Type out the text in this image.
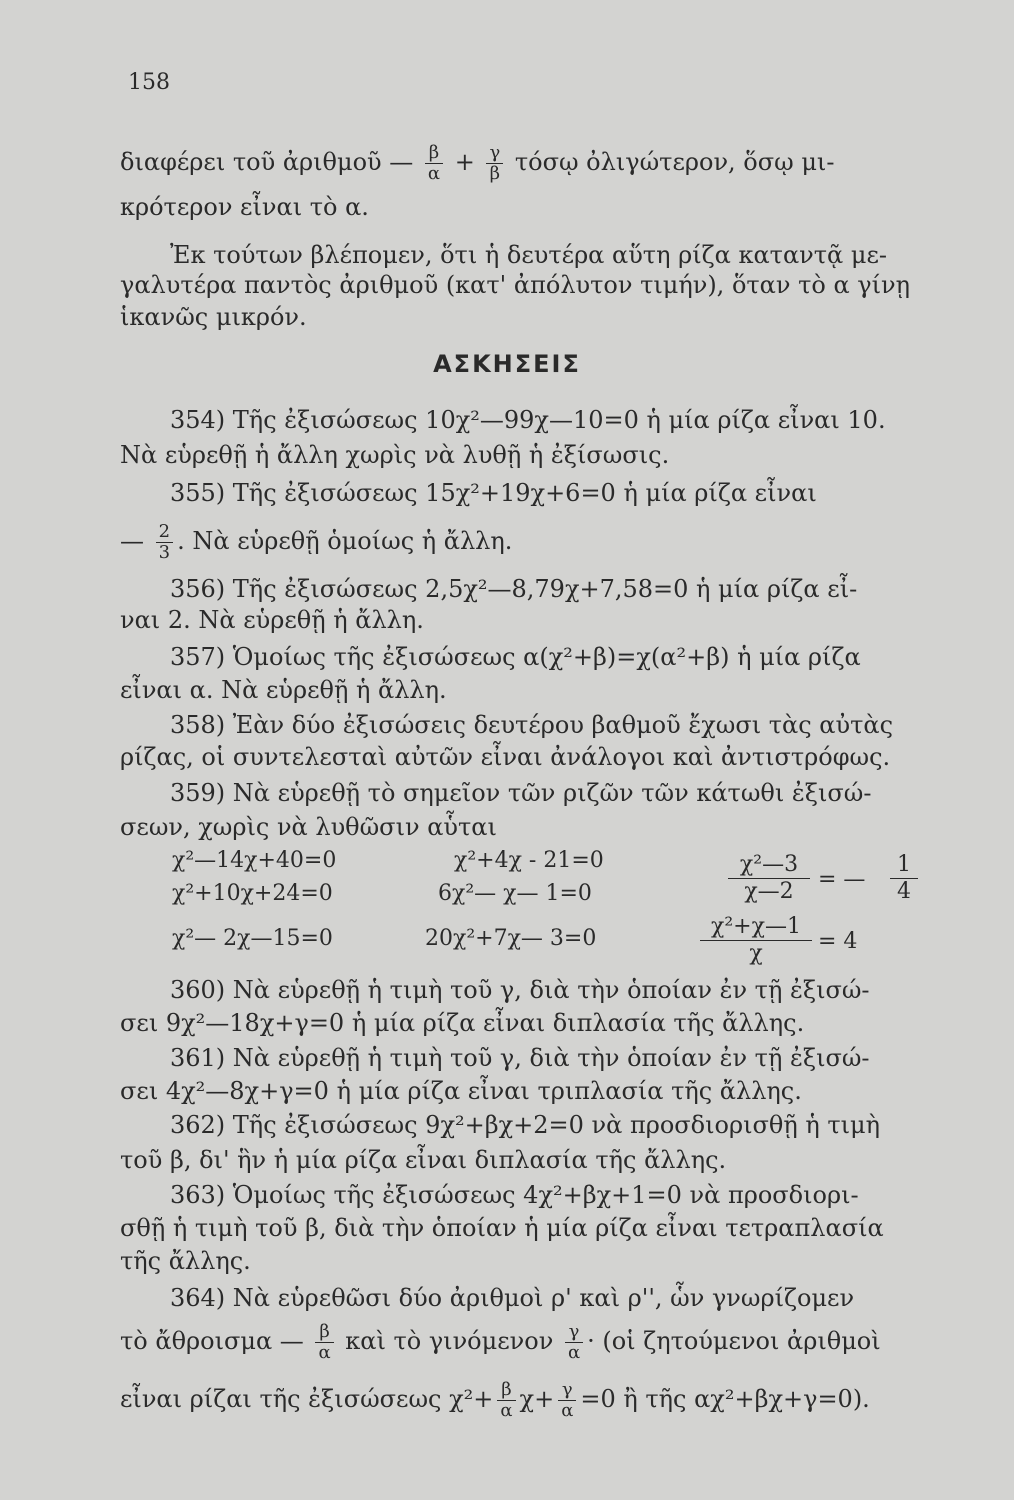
158
διαφέρει τοῦ ἀριθμοῦ — $\frac{\beta}{\alpha} + \frac{\gamma}{\beta}$ τόσῳ ὀλιγώτερον, ὅσῳ μι-
κρότερον εἶναι τὸ α.
Ἐκ τούτων βλέπομεν, ὅτι ἡ δευτέρα αὕτη ρίζα καταντᾷ με-
γαλυτέρα παντὸς ἀριθμοῦ (κατ' ἀπόλυτον τιμήν), ὅταν τὸ α γίνῃ
ἱκανῶς μικρόν.
ΑΣΚΗΣΕΙΣ
354) Τῆς ἐξισώσεως 10χ²—99χ—10=0 ἡ μία ρίζα εἶναι 10.
Νὰ εὑρεθῇ ἡ ἄλλη χωρὶς νὰ λυθῇ ἡ ἐξίσωσις.
355) Τῆς ἐξισώσεως 15χ²+19χ+6=0 ἡ μία ρίζα εἶναι
— $\frac{2}{3}$ . Νὰ εὑρεθῇ ὁμοίως ἡ ἄλλη.
356) Τῆς ἐξισώσεως 2,5χ²—8,79χ+7,58=0 ἡ μία ρίζα εἶ-
ναι 2. Νὰ εὑρεθῇ ἡ ἄλλη.
357) Ὁμοίως τῆς ἐξισώσεως α(χ²+β)=χ(α²+β) ἡ μία ρίζα
εἶναι α. Νὰ εὑρεθῇ ἡ ἄλλη.
358) Ἐὰν δύο ἐξισώσεις δευτέρου βαθμοῦ ἔχωσι τὰς αὐτὰς
ρίζας, οἱ συντελεσταὶ αὐτῶν εἶναι ἀνάλογοι καὶ ἀντιστρόφως.
359) Νὰ εὑρεθῇ τὸ σημεῖον τῶν ριζῶν τῶν κάτωθι ἐξισώ-
σεων, χωρὶς νὰ λυθῶσιν αὗται
χ²—14χ+40=0
χ²+10χ+24=0
χ²— 2χ—15=0
χ²+4χ - 21=0
6χ²— χ— 1=0
20χ²+7χ— 3=0
χ²—3
χ—2	= —
1
4
χ²+χ—1
χ	= 4
360) Νὰ εὑρεθῇ ἡ τιμὴ τοῦ γ, διὰ τὴν ὁποίαν ἐν τῇ ἐξισώ-
σει 9χ²—18χ+γ=0 ἡ μία ρίζα εἶναι διπλασία τῆς ἄλλης.
361) Νὰ εὑρεθῇ ἡ τιμὴ τοῦ γ, διὰ τὴν ὁποίαν ἐν τῇ ἐξισώ-
σει 4χ²—8χ+γ=0 ἡ μία ρίζα εἶναι τριπλασία τῆς ἄλλης.
362) Τῆς ἐξισώσεως 9χ²+βχ+2=0 νὰ προσδιορισθῇ ἡ τιμὴ
τοῦ β, δι' ἣν ἡ μία ρίζα εἶναι διπλασία τῆς ἄλλης.
363) Ὁμοίως τῆς ἐξισώσεως 4χ²+βχ+1=0 νὰ προσδιορι-
σθῇ ἡ τιμὴ τοῦ β, διὰ τὴν ὁποίαν ἡ μία ρίζα εἶναι τετραπλασία
τῆς ἄλλης.
364) Νὰ εὑρεθῶσι δύο ἀριθμοὶ ρ' καὶ ρ'', ὧν γνωρίζομεν
τὸ ἄθροισμα — $\frac{\beta}{\alpha}$ καὶ τὸ γινόμενον $\frac{\gamma}{\alpha}$ · (οἱ ζητούμενοι ἀριθμοὶ
εἶναι ρίζαι τῆς ἐξισώσεως $\chi^2+ \frac{\beta}{\alpha} \chi+ \frac{\gamma}{\alpha} =0$ ἢ τῆς αχ²+βχ+γ=0).
